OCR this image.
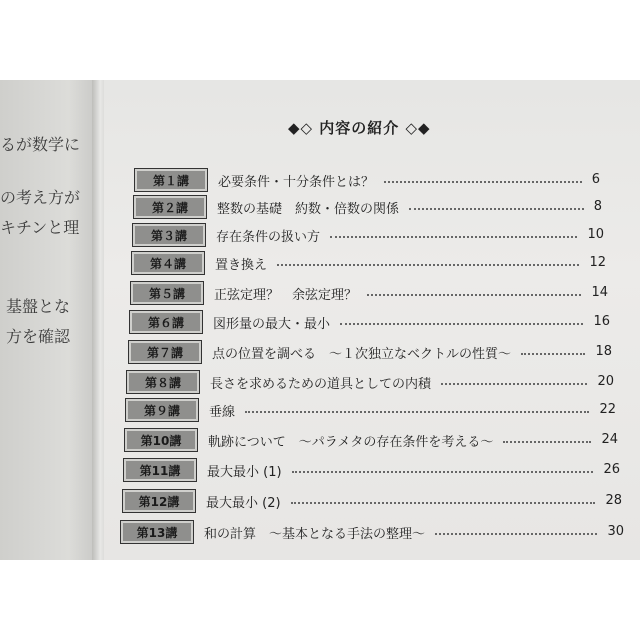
るが数学に
の考え方が
キチンと理
基盤とな
方を確認
◆◇ 内容の紹介 ◇◆
第１講	必要条件・十分条件とは？	6
第２講	整数の基礎　約数・倍数の関係	8
第３講	存在条件の扱い方	10
第４講	置き換え	12
第５講	正弦定理？　余弦定理？	14
第６講	図形量の最大・最小	16
第７講	点の位置を調べる　～１次独立なベクトルの性質～	18
第８講	長さを求めるための道具としての内積	20
第９講	垂線	22
第10講	軌跡について　～パラメタの存在条件を考える～	24
第11講	最大最小 (1)	26
第12講	最大最小 (2)	28
第13講	和の計算　～基本となる手法の整理～	30
